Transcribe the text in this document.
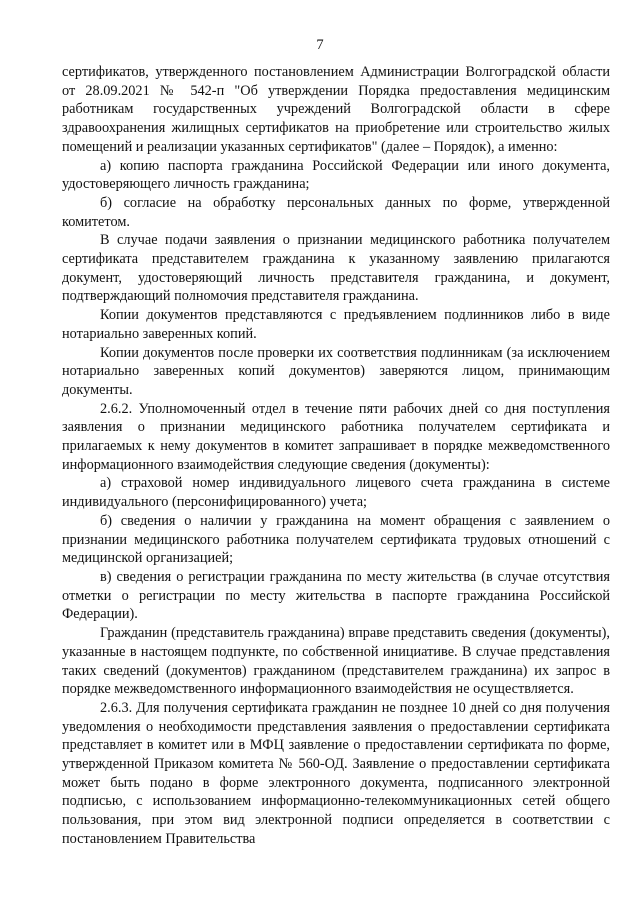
7

сертификатов, утвержденного постановлением Администрации Волгоградской области от 28.09.2021 № 542-п "Об утверждении Порядка предоставления медицинским работникам государственных учреждений Волгоградской области в сфере здравоохранения жилищных сертификатов на приобретение или строительство жилых помещений и реализации указанных сертификатов" (далее – Порядок), а именно:

а) копию паспорта гражданина Российской Федерации или иного документа, удостоверяющего личность гражданина;

б) согласие на обработку персональных данных по форме, утвержденной комитетом.

В случае подачи заявления о признании медицинского работника получателем сертификата представителем гражданина к указанному заявлению прилагаются документ, удостоверяющий личность представителя гражданина, и документ, подтверждающий полномочия представителя гражданина.

Копии документов представляются с предъявлением подлинников либо в виде нотариально заверенных копий.

Копии документов после проверки их соответствия подлинникам (за исключением нотариально заверенных копий документов) заверяются лицом, принимающим документы.

2.6.2. Уполномоченный отдел в течение пяти рабочих дней со дня поступления заявления о признании медицинского работника получателем сертификата и прилагаемых к нему документов в комитет запрашивает в порядке межведомственного информационного взаимодействия следующие сведения (документы):

а) страховой номер индивидуального лицевого счета гражданина в системе индивидуального (персонифицированного) учета;

б) сведения о наличии у гражданина на момент обращения с заявлением о признании медицинского работника получателем сертификата трудовых отношений с медицинской организацией;

в) сведения о регистрации гражданина по месту жительства (в случае отсутствия отметки о регистрации по месту жительства в паспорте гражданина Российской Федерации).

Гражданин (представитель гражданина) вправе представить сведения (документы), указанные в настоящем подпункте, по собственной инициативе. В случае представления таких сведений (документов) гражданином (представителем гражданина) их запрос в порядке межведомственного информационного взаимодействия не осуществляется.

2.6.3. Для получения сертификата гражданин не позднее 10 дней со дня получения уведомления о необходимости представления заявления о предоставлении сертификата представляет в комитет или в МФЦ заявление о предоставлении сертификата по форме, утвержденной Приказом комитета № 560-ОД. Заявление о предоставлении сертификата может быть подано в форме электронного документа, подписанного электронной подписью, с использованием информационно-телекоммуникационных сетей общего пользования, при этом вид электронной подписи определяется в соответствии с постановлением Правительства
